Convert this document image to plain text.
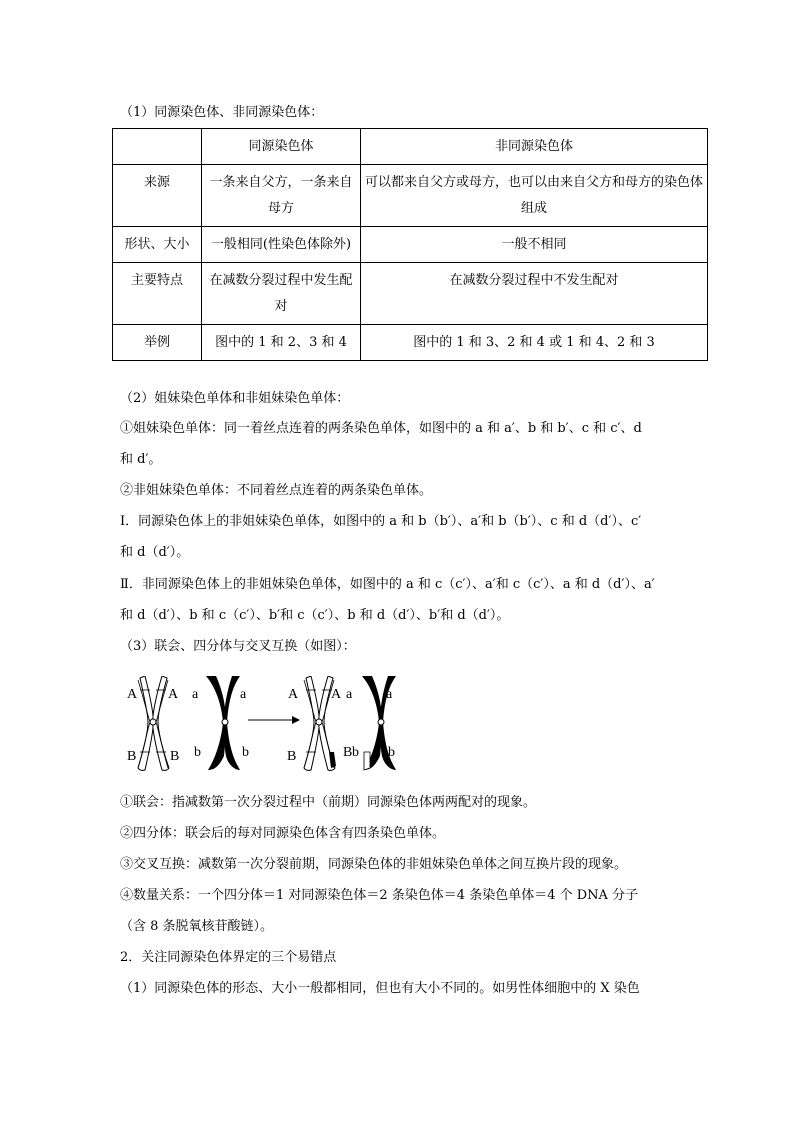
（1）同源染色体、非同源染色体：
	同源染色体	非同源染色体
来源	一条来自父方，一条来自母方	可以都来自父方或母方，也可以由来自父方和母方的染色体组成
形状、大小	一般相同(性染色体除外)	一般不相同
主要特点	在减数分裂过程中发生配对	在减数分裂过程中不发生配对
举例	图中的 1 和 2、3 和 4	图中的 1 和 3、2 和 4 或 1 和 4、2 和 3
（2）姐妹染色单体和非姐妹染色单体：
①姐妹染色单体：同一着丝点连着的两条染色单体，如图中的 a 和 a′、b 和 b′、c 和 c′、d
和 d′。
②非姐妹染色单体：不同着丝点连着的两条染色单体。
Ⅰ．同源染色体上的非姐妹染色单体，如图中的 a 和 b（b′）、a′和 b（b′）、c 和 d（d′）、c′
和 d（d′）。
Ⅱ．非同源染色体上的非姐妹染色单体，如图中的 a 和 c（c′）、a′和 c（c′）、a 和 d（d′）、a′
和 d（d′）、b 和 c（c′）、b′和 c（c′）、b 和 d（d′）、b′和 d（d′）。
（3）联会、四分体与交叉互换（如图）：
A A
B B
a	a
b	b
A A
B	B
a a
b b
①联会：指减数第一次分裂过程中（前期）同源染色体两两配对的现象。
②四分体：联会后的每对同源染色体含有四条染色单体。
③交叉互换：减数第一次分裂前期，同源染色体的非姐妹染色单体之间互换片段的现象。
④数量关系：一个四分体＝1 对同源染色体＝2 条染色体＝4 条染色单体＝4 个 DNA 分子
（含 8 条脱氧核苷酸链）。
2．关注同源染色体界定的三个易错点
（1）同源染色体的形态、大小一般都相同，但也有大小不同的。如男性体细胞中的 X 染色
